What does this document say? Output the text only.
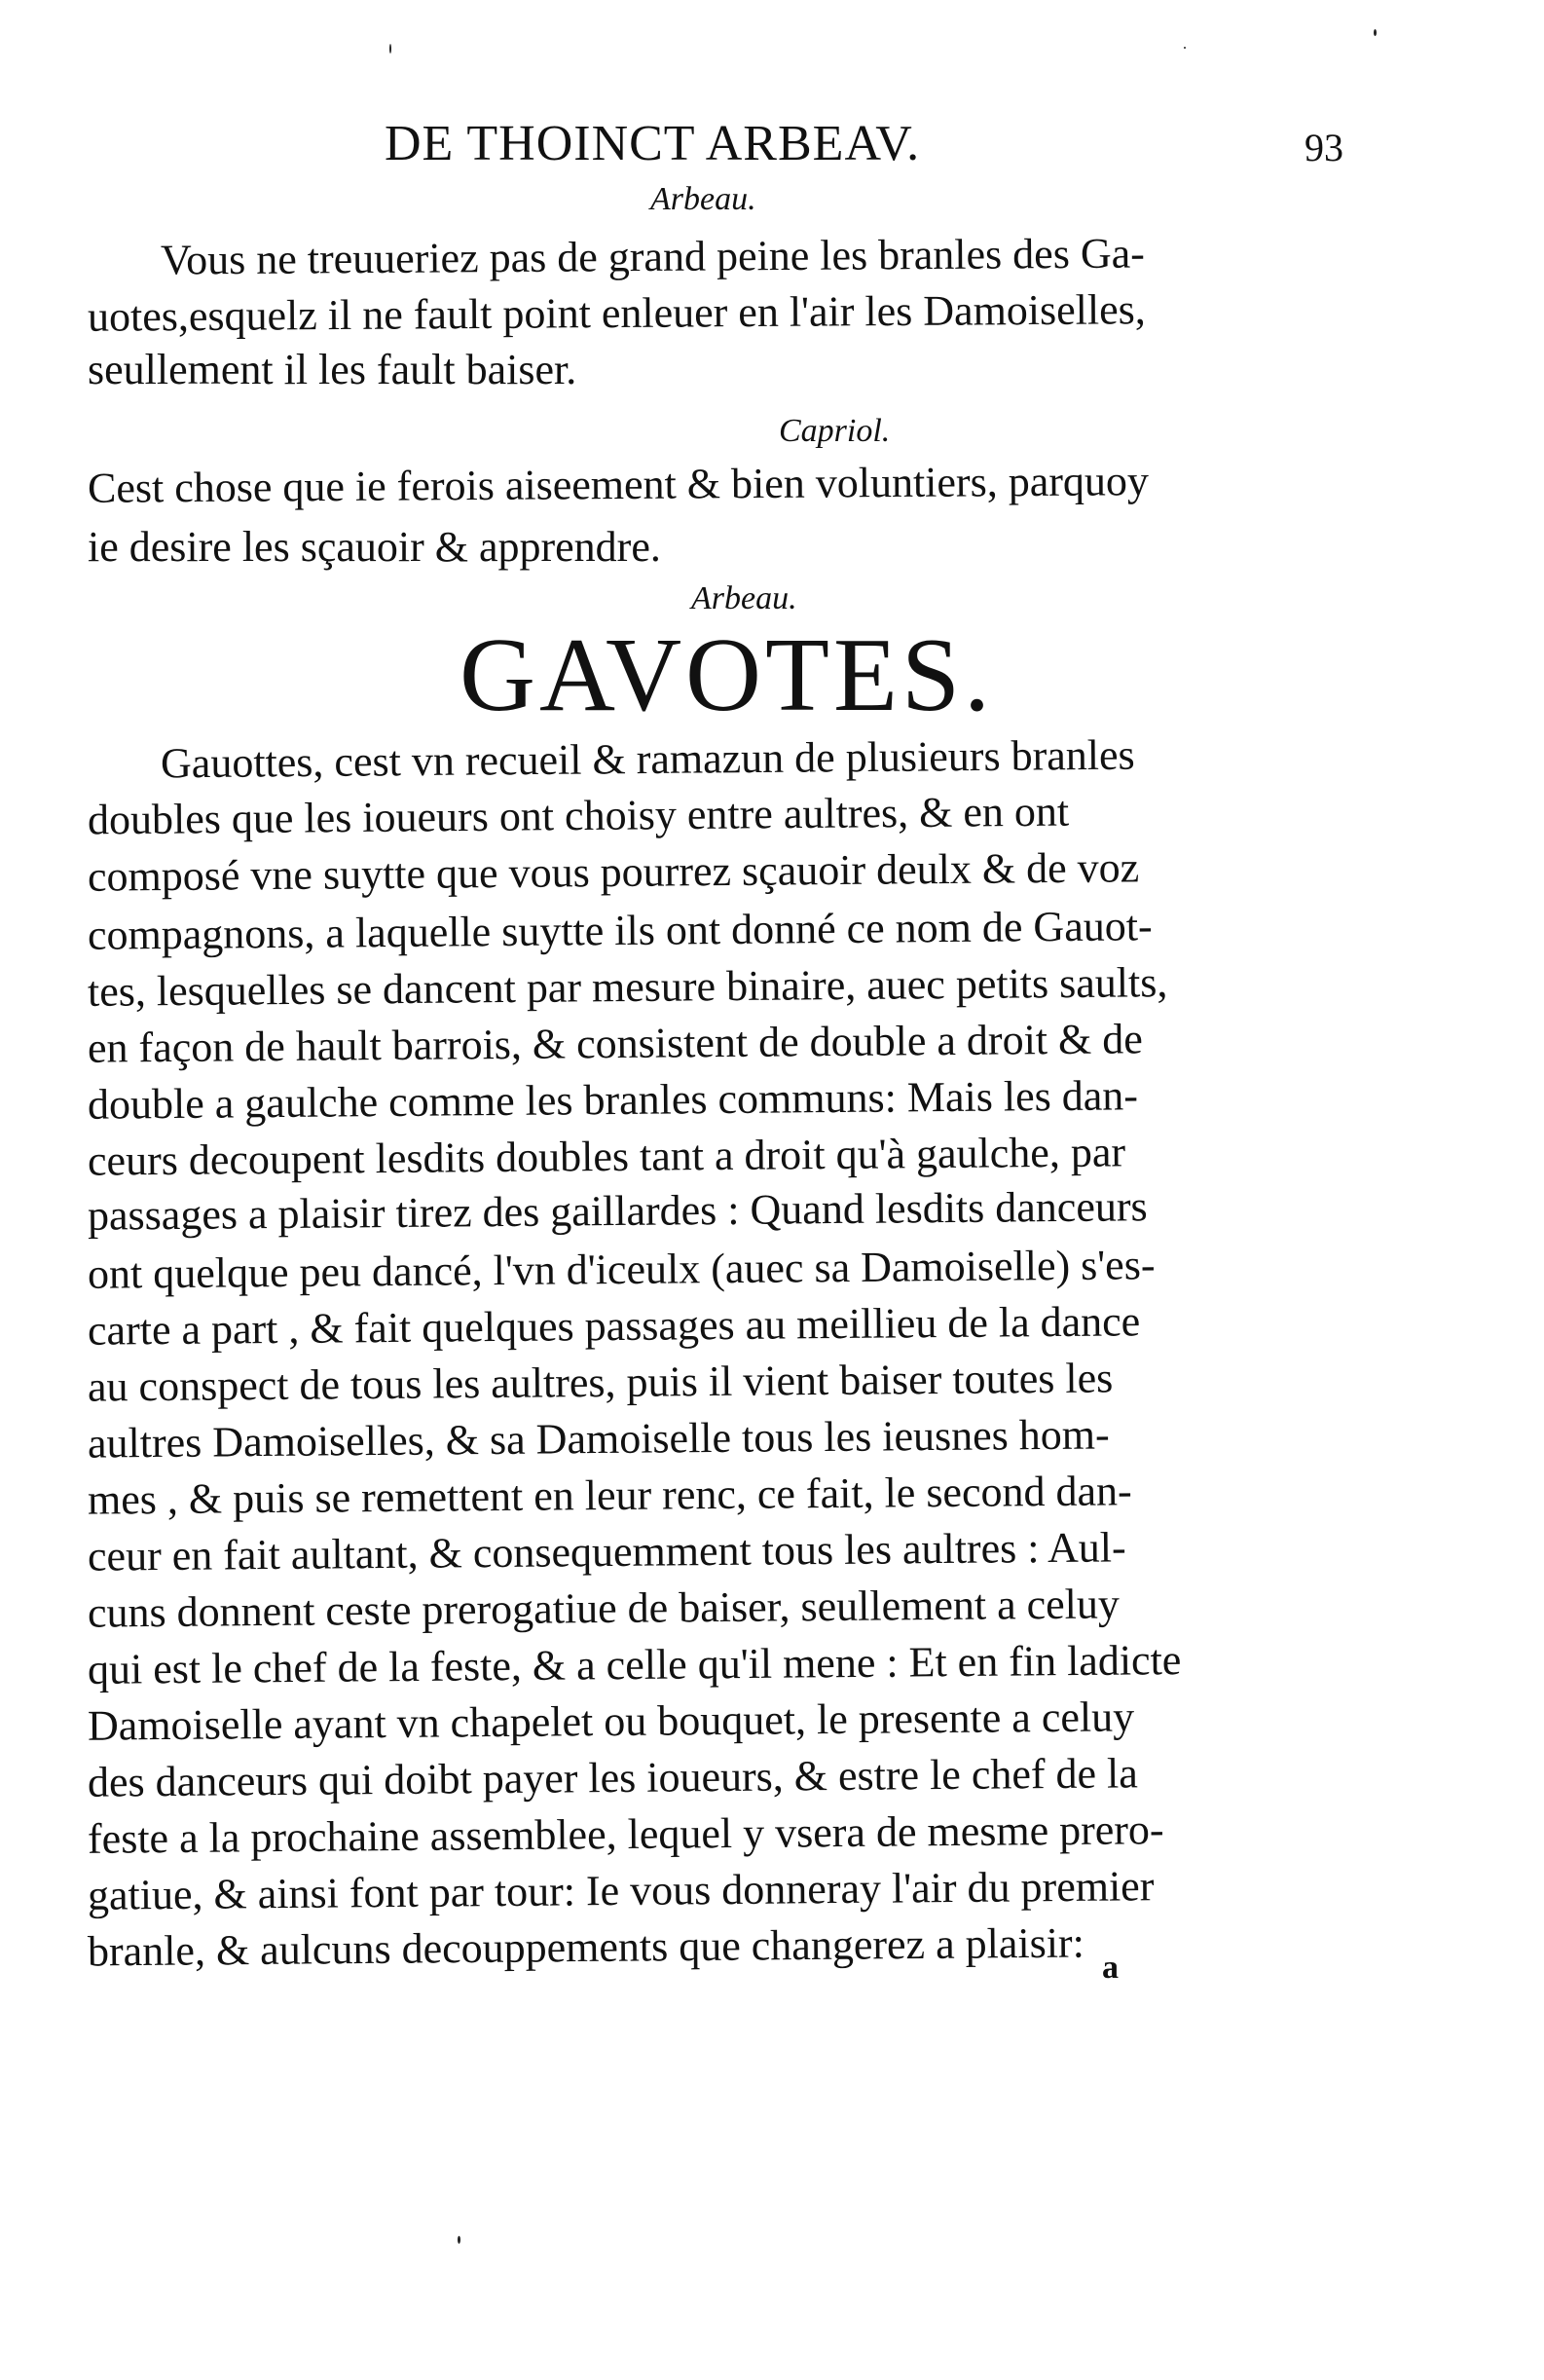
DE THOINCT ARBEAV.	93
Arbeau.
Vous ne treuueriez pas de grand peine les branles des Ga-
uotes,esquelz il ne fault point enleuer en l'air les Damoiselles,
seullement il les fault baiser.
Capriol.
Cest chose que ie ferois aiseement & bien voluntiers, parquoy
ie desire les sçauoir & apprendre.
Arbeau.
GAVOTES.
Gauottes, cest vn recueil & ramazun de plusieurs branles
doubles que les ioueurs ont choisy entre aultres, & en ont
composé vne suytte que vous pourrez sçauoir deulx & de voz
compagnons, a laquelle suytte ils ont donné ce nom de Gauot-
tes, lesquelles se dancent par mesure binaire, auec petits saults,
en façon de hault barrois, & consistent de double a droit & de
double a gaulche comme les branles communs: Mais les dan-
ceurs decoupent lesdits doubles tant a droit qu'à gaulche, par
passages a plaisir tirez des gaillardes : Quand lesdits danceurs
ont quelque peu dancé, l'vn d'iceulx (auec sa Damoiselle) s'es-
carte a part , & fait quelques passages au meillieu de la dance
au conspect de tous les aultres, puis il vient baiser toutes les
aultres Damoiselles, & sa Damoiselle tous les ieusnes hom-
mes , & puis se remettent en leur renc, ce fait, le second dan-
ceur en fait aultant, & consequemment tous les aultres : Aul-
cuns donnent ceste prerogatiue de baiser, seullement a celuy
qui est le chef de la feste, & a celle qu'il mene : Et en fin ladicte
Damoiselle ayant vn chapelet ou bouquet, le presente a celuy
des danceurs qui doibt payer les ioueurs, & estre le chef de la
feste a la prochaine assemblee, lequel y vsera de mesme prero-
gatiue, & ainsi font par tour: Ie vous donneray l'air du premier
branle, & aulcuns decouppements que changerez a plaisir: a
